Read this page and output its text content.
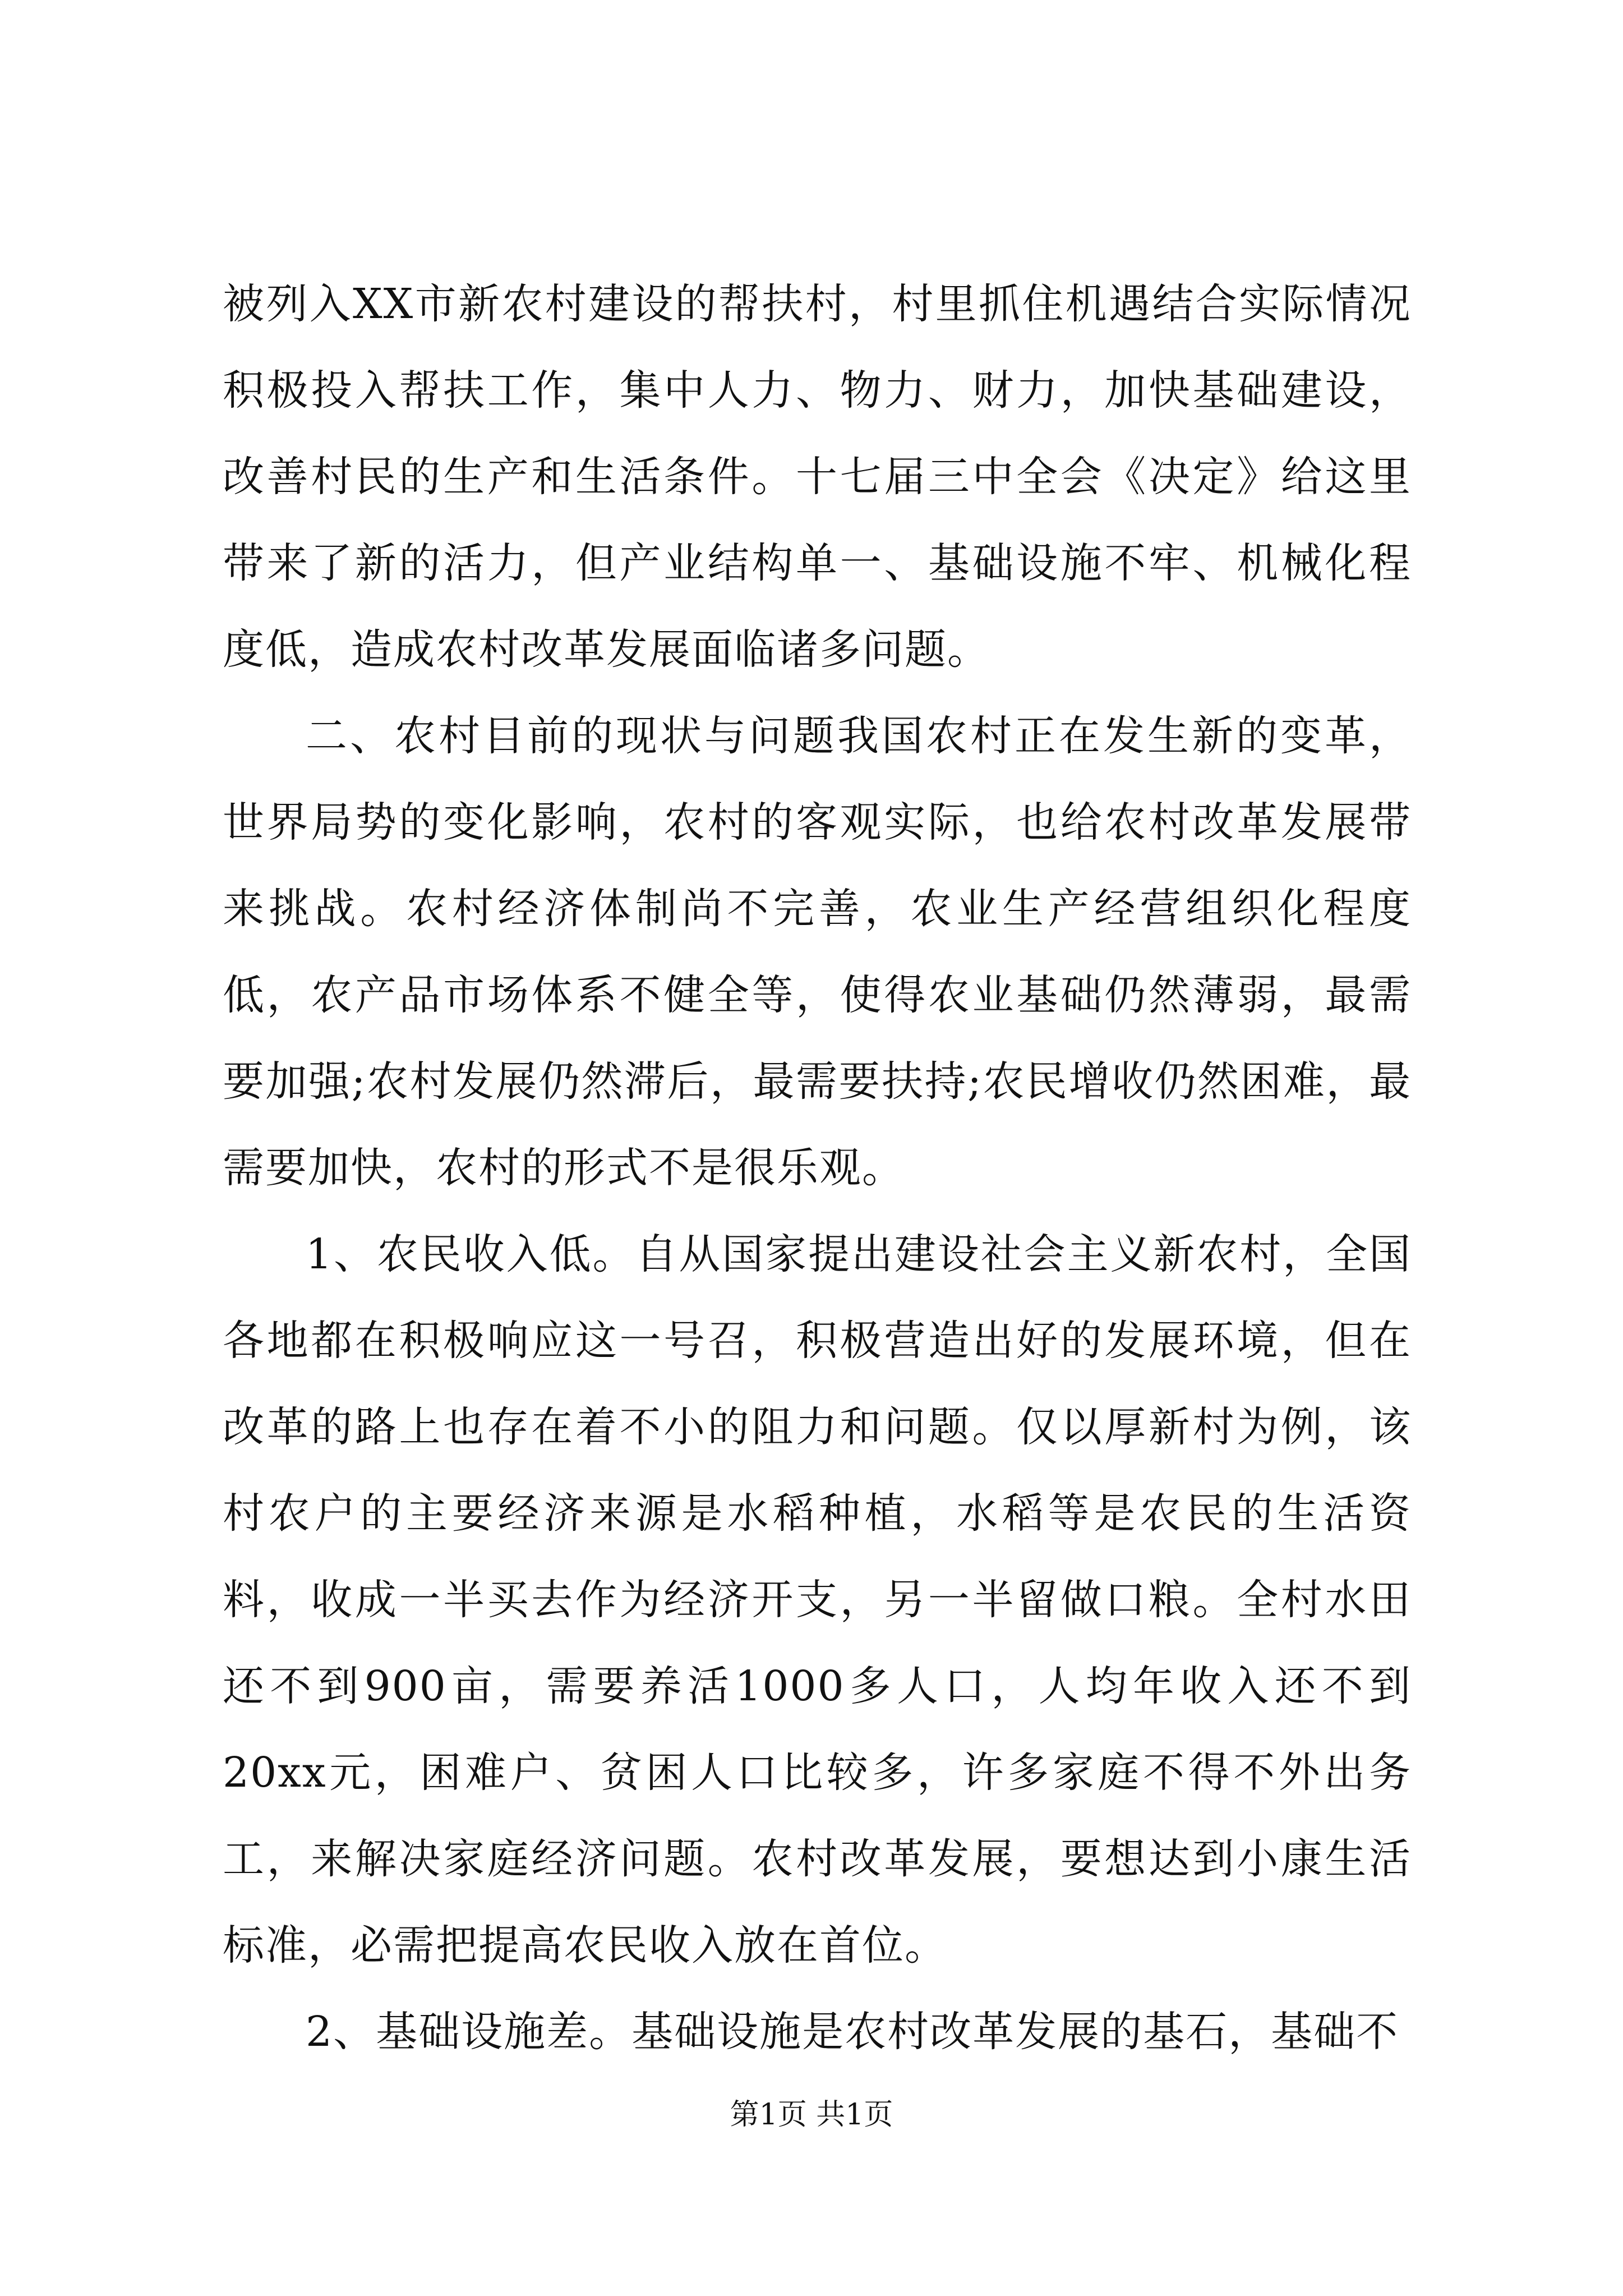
被列入XX市新农村建设的帮扶村，村里抓住机遇结合实际情况积极投入帮扶工作，集中人力、物力、财力，加快基础建设，改善村民的生产和生活条件。十七届三中全会《决定》给这里带来了新的活力，但产业结构单一、基础设施不牢、机械化程度低，造成农村改革发展面临诸多问题。

二、农村目前的现状与问题我国农村正在发生新的变革，世界局势的变化影响，农村的客观实际，也给农村改革发展带来挑战。农村经济体制尚不完善，农业生产经营组织化程度低，农产品市场体系不健全等，使得农业基础仍然薄弱，最需要加强;农村发展仍然滞后，最需要扶持;农民增收仍然困难，最需要加快，农村的形式不是很乐观。

1、农民收入低。自从国家提出建设社会主义新农村，全国各地都在积极响应这一号召，积极营造出好的发展环境，但在改革的路上也存在着不小的阻力和问题。仅以厚新村为例，该村农户的主要经济来源是水稻种植，水稻等是农民的生活资料，收成一半买去作为经济开支，另一半留做口粮。全村水田还不到900亩，需要养活1000多人口，人均年收入还不到20xx元，困难户、贫困人口比较多，许多家庭不得不外出务工，来解决家庭经济问题。农村改革发展，要想达到小康生活标准，必需把提高农民收入放在首位。

2、基础设施差。基础设施是农村改革发展的基石，基础不

第1页 共1页
